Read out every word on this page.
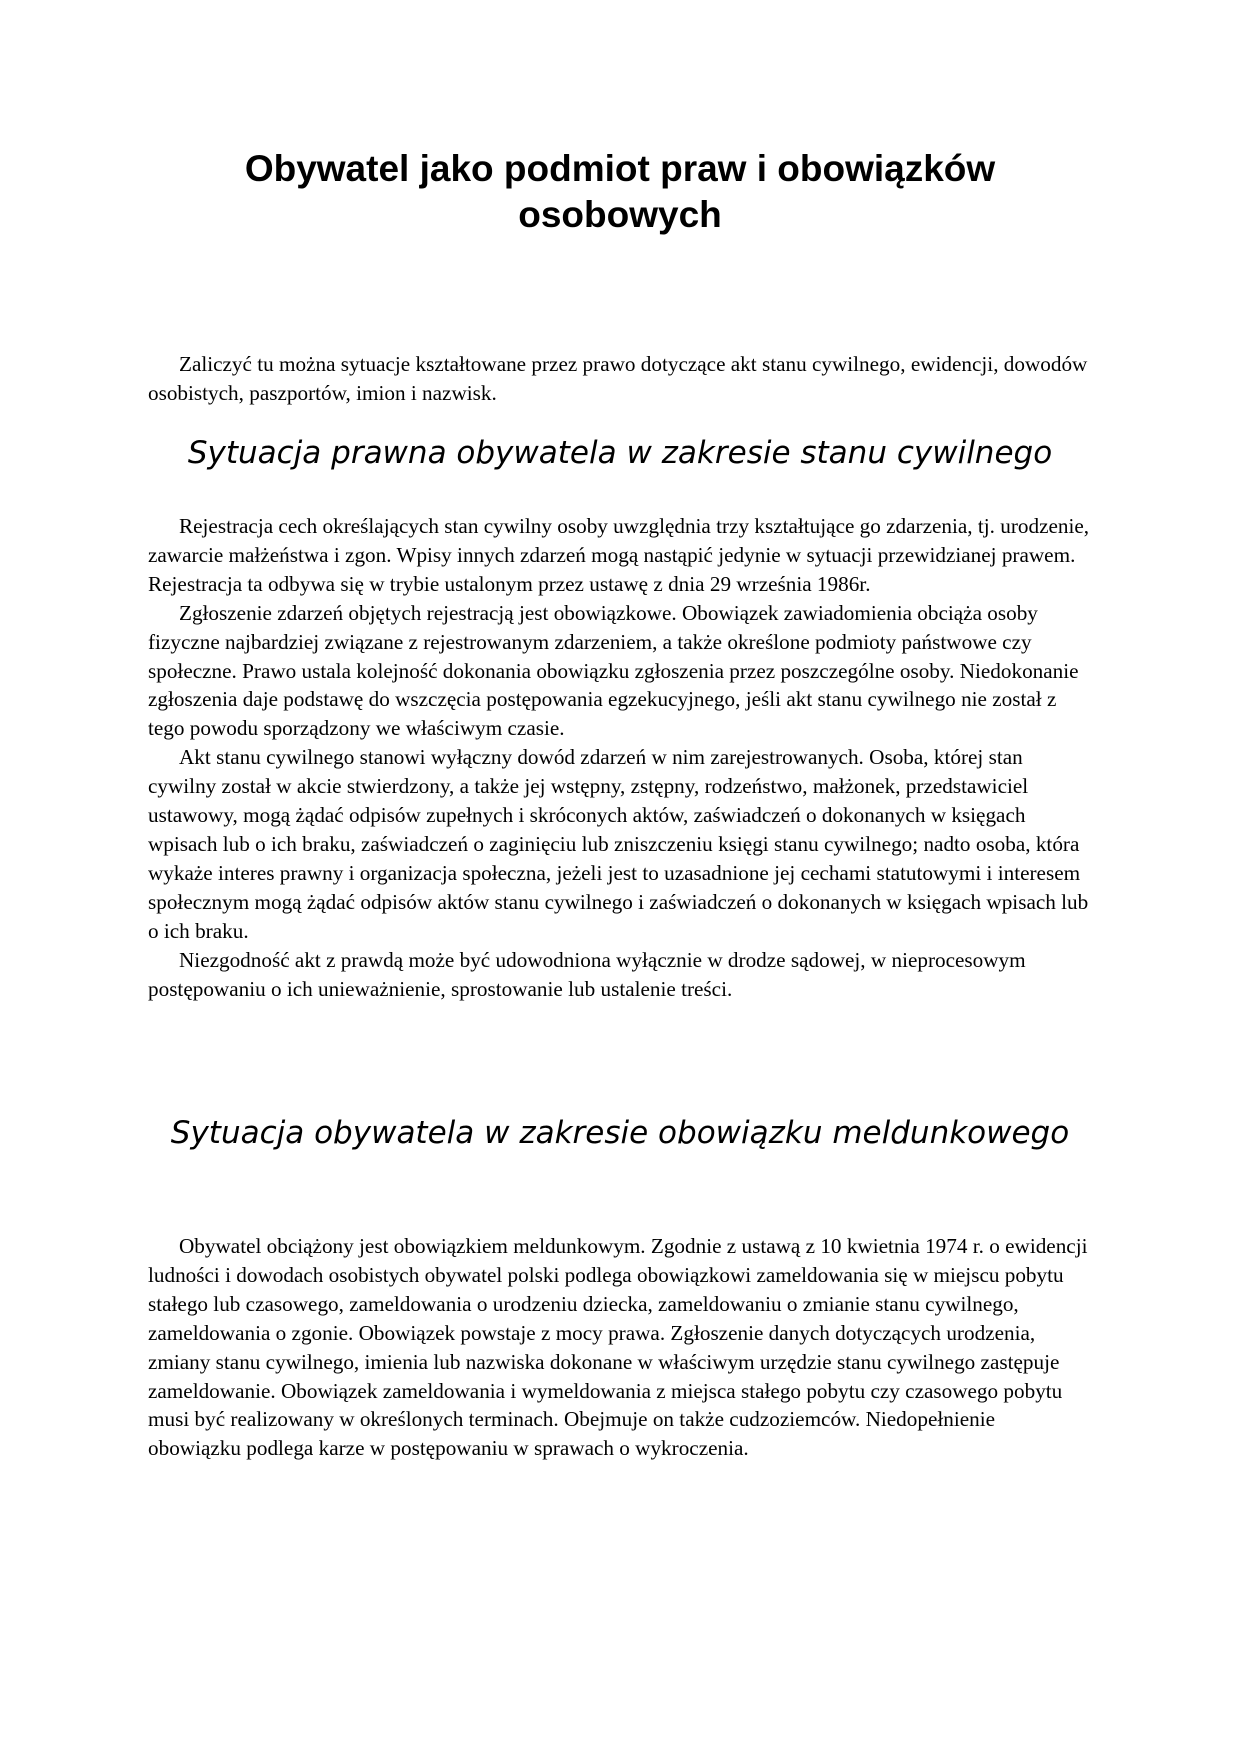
Obywatel jako podmiot praw i obowiązków osobowych

Zaliczyć tu można sytuacje kształtowane przez prawo dotyczące akt stanu cywilnego, ewidencji, dowodów osobistych, paszportów, imion i nazwisk.

Sytuacja prawna obywatela w zakresie stanu cywilnego

Rejestracja cech określających stan cywilny osoby uwzględnia trzy kształtujące go zdarzenia, tj. urodzenie, zawarcie małżeństwa i zgon. Wpisy innych zdarzeń mogą nastąpić jedynie w sytuacji przewidzianej prawem. Rejestracja ta odbywa się w trybie ustalonym przez ustawę z dnia 29 września 1986r.

Zgłoszenie zdarzeń objętych rejestracją jest obowiązkowe. Obowiązek zawiadomienia obciąża osoby fizyczne najbardziej związane z rejestrowanym zdarzeniem, a także określone podmioty państwowe czy społeczne. Prawo ustala kolejność dokonania obowiązku zgłoszenia przez poszczególne osoby. Niedokonanie zgłoszenia daje podstawę do wszczęcia postępowania egzekucyjnego, jeśli akt stanu cywilnego nie został z tego powodu sporządzony we właściwym czasie.

Akt stanu cywilnego stanowi wyłączny dowód zdarzeń w nim zarejestrowanych. Osoba, której stan cywilny został w akcie stwierdzony, a także jej wstępny, zstępny, rodzeństwo, małżonek, przedstawiciel ustawowy, mogą żądać odpisów zupełnych i skróconych aktów, zaświadczeń o dokonanych w księgach wpisach lub o ich braku, zaświadczeń o zaginięciu lub zniszczeniu księgi stanu cywilnego; nadto osoba, która wykaże interes prawny i organizacja społeczna, jeżeli jest to uzasadnione jej cechami statutowymi i interesem społecznym mogą żądać odpisów aktów stanu cywilnego i zaświadczeń o dokonanych w księgach wpisach lub o ich braku.

Niezgodność akt z prawdą może być udowodniona wyłącznie w drodze sądowej, w nieprocesowym postępowaniu o ich unieważnienie, sprostowanie lub ustalenie treści.

Sytuacja obywatela w zakresie obowiązku meldunkowego

Obywatel obciążony jest obowiązkiem meldunkowym. Zgodnie z ustawą z 10 kwietnia 1974 r. o ewidencji ludności i dowodach osobistych obywatel polski podlega obowiązkowi zameldowania się w miejscu pobytu stałego lub czasowego, zameldowania o urodzeniu dziecka, zameldowaniu o zmianie stanu cywilnego, zameldowania o zgonie. Obowiązek powstaje z mocy prawa. Zgłoszenie danych dotyczących urodzenia, zmiany stanu cywilnego, imienia lub nazwiska dokonane w właściwym urzędzie stanu cywilnego zastępuje zameldowanie. Obowiązek zameldowania i wymeldowania z miejsca stałego pobytu czy czasowego pobytu musi być realizowany w określonych terminach. Obejmuje on także cudzoziemców. Niedopełnienie obowiązku podlega karze w postępowaniu w sprawach o wykroczenia.
